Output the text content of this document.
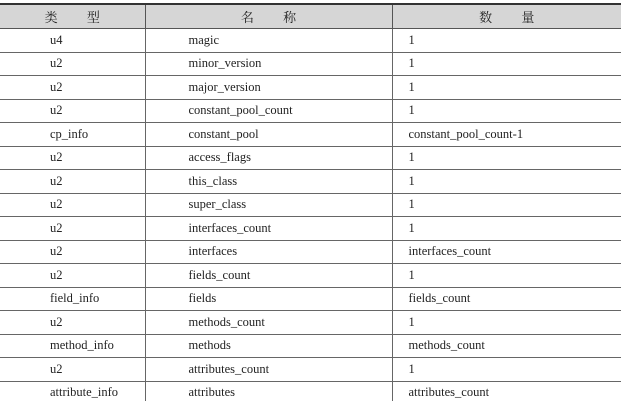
类 型	名 称	数 量
u4	magic	1
u2	minor_version	1
u2	major_version	1
u2	constant_pool_count	1
cp_info	constant_pool	constant_pool_count-1
u2	access_flags	1
u2	this_class	1
u2	super_class	1
u2	interfaces_count	1
u2	interfaces	interfaces_count
u2	fields_count	1
field_info	fields	fields_count
u2	methods_count	1
method_info	methods	methods_count
u2	attributes_count	1
attribute_info	attributes	attributes_count
